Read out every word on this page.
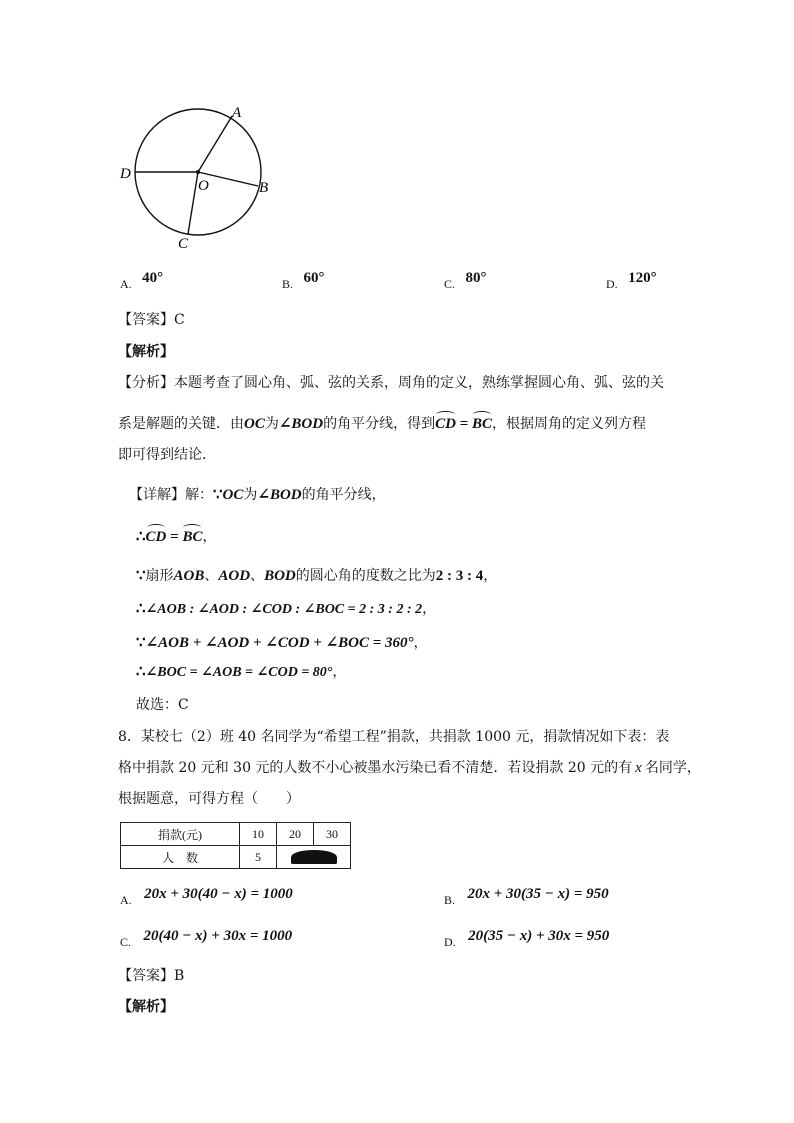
A
B
C
D
O
A. 40°	B. 60°	C. 80°	D. 120°
【答案】C
【解析】
【分析】本题考查了圆心角、弧、弦的关系，周角的定义，熟练掌握圆心角、弧、弦的关
系是解题的关键．由OC为∠BOD的角平分线，得到CD = BC，根据周角的定义列方程
即可得到结论．
【详解】解：∵OC为∠BOD的角平分线，
∴CD = BC，
∵扇形AOB、AOD、BOD的圆心角的度数之比为2 : 3 : 4，
∴∠AOB : ∠AOD : ∠COD : ∠BOC = 2 : 3 : 2 : 2，
∵∠AOB + ∠AOD + ∠COD + ∠BOC = 360°，
∴∠BOC = ∠AOB = ∠COD = 80°，
故选：C
8．某校七（2）班 40 名同学为“希望工程”捐款，共捐款 1000 元，捐款情况如下表：表
格中捐款 20 元和 30 元的人数不小心被墨水污染已看不清楚．若设捐款 20 元的有 x 名同学，
根据题意，可得方程（　　）
捐款(元)	10	20	30
人　数	5	

A. 20x + 30(40 − x) = 1000	B. 20x + 30(35 − x) = 950
C. 20(40 − x) + 30x = 1000	D. 20(35 − x) + 30x = 950
【答案】B
【解析】
